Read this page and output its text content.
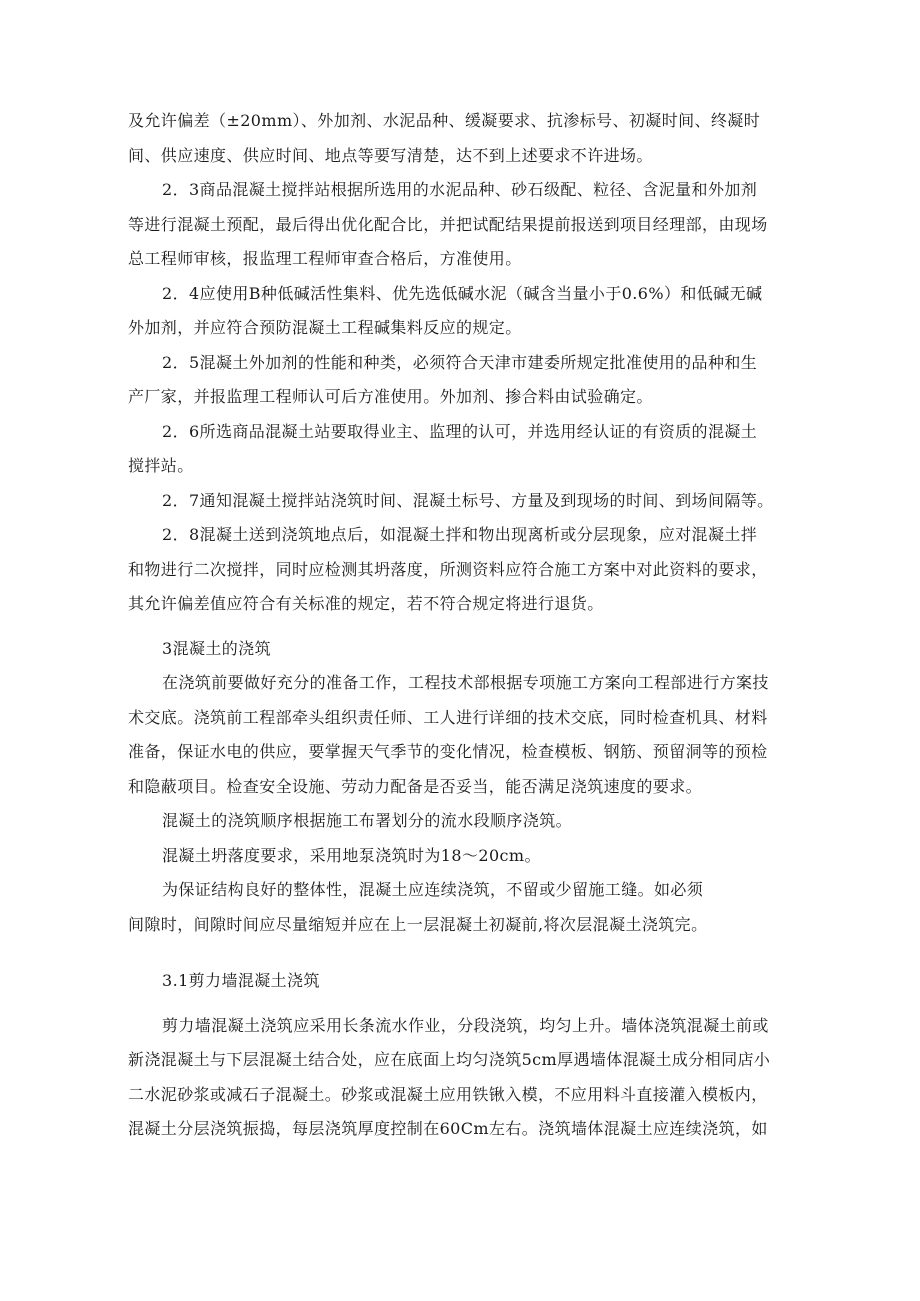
及允许偏差（±20mm）、外加剂、水泥品种、缓凝要求、抗渗标号、初凝时间、终凝时
间、供应速度、供应时间、地点等要写清楚，达不到上述要求不许进场。
2．3商品混凝土搅拌站根据所选用的水泥品种、砂石级配、粒径、含泥量和外加剂
等进行混凝土预配，最后得出优化配合比，并把试配结果提前报送到项目经理部，由现场
总工程师审核，报监理工程师审查合格后，方准使用。
2．4应使用B种低碱活性集料、优先选低碱水泥（碱含当量小于0.6%）和低碱无碱
外加剂，并应符合预防混凝土工程碱集料反应的规定。
2．5混凝土外加剂的性能和种类，必须符合天津市建委所规定批准使用的品种和生
产厂家，并报监理工程师认可后方准使用。外加剂、掺合料由试验确定。
2．6所选商品混凝土站要取得业主、监理的认可，并选用经认证的有资质的混凝土
搅拌站。
2．7通知混凝土搅拌站浇筑时间、混凝土标号、方量及到现场的时间、到场间隔等。
2．8混凝土送到浇筑地点后，如混凝土拌和物出现离析或分层现象，应对混凝土拌
和物进行二次搅拌，同时应检测其坍落度，所测资料应符合施工方案中对此资料的要求，
其允许偏差值应符合有关标准的规定，若不符合规定将进行退货。
3混凝土的浇筑
在浇筑前要做好充分的准备工作，工程技术部根据专项施工方案向工程部进行方案技
术交底。浇筑前工程部牵头组织责任师、工人进行详细的技术交底，同时检查机具、材料
准备，保证水电的供应，要掌握天气季节的变化情况，检查模板、钢筋、预留洞等的预检
和隐蔽项目。检查安全设施、劳动力配备是否妥当，能否满足浇筑速度的要求。
混凝土的浇筑顺序根据施工布署划分的流水段顺序浇筑。
混凝土坍落度要求，采用地泵浇筑时为18～20cm。
为保证结构良好的整体性，混凝土应连续浇筑，不留或少留施工缝。如必须
间隙时，间隙时间应尽量缩短并应在上一层混凝土初凝前,将次层混凝土浇筑完。
3.1剪力墙混凝土浇筑
剪力墙混凝土浇筑应采用长条流水作业，分段浇筑，均匀上升。墙体浇筑混凝土前或
新浇混凝土与下层混凝土结合处，应在底面上均匀浇筑5cm厚遇墙体混凝土成分相同店小
二水泥砂浆或减石子混凝土。砂浆或混凝土应用铁锹入模，不应用料斗直接灌入模板内，
混凝土分层浇筑振捣，每层浇筑厚度控制在60Cm左右。浇筑墙体混凝土应连续浇筑，如
